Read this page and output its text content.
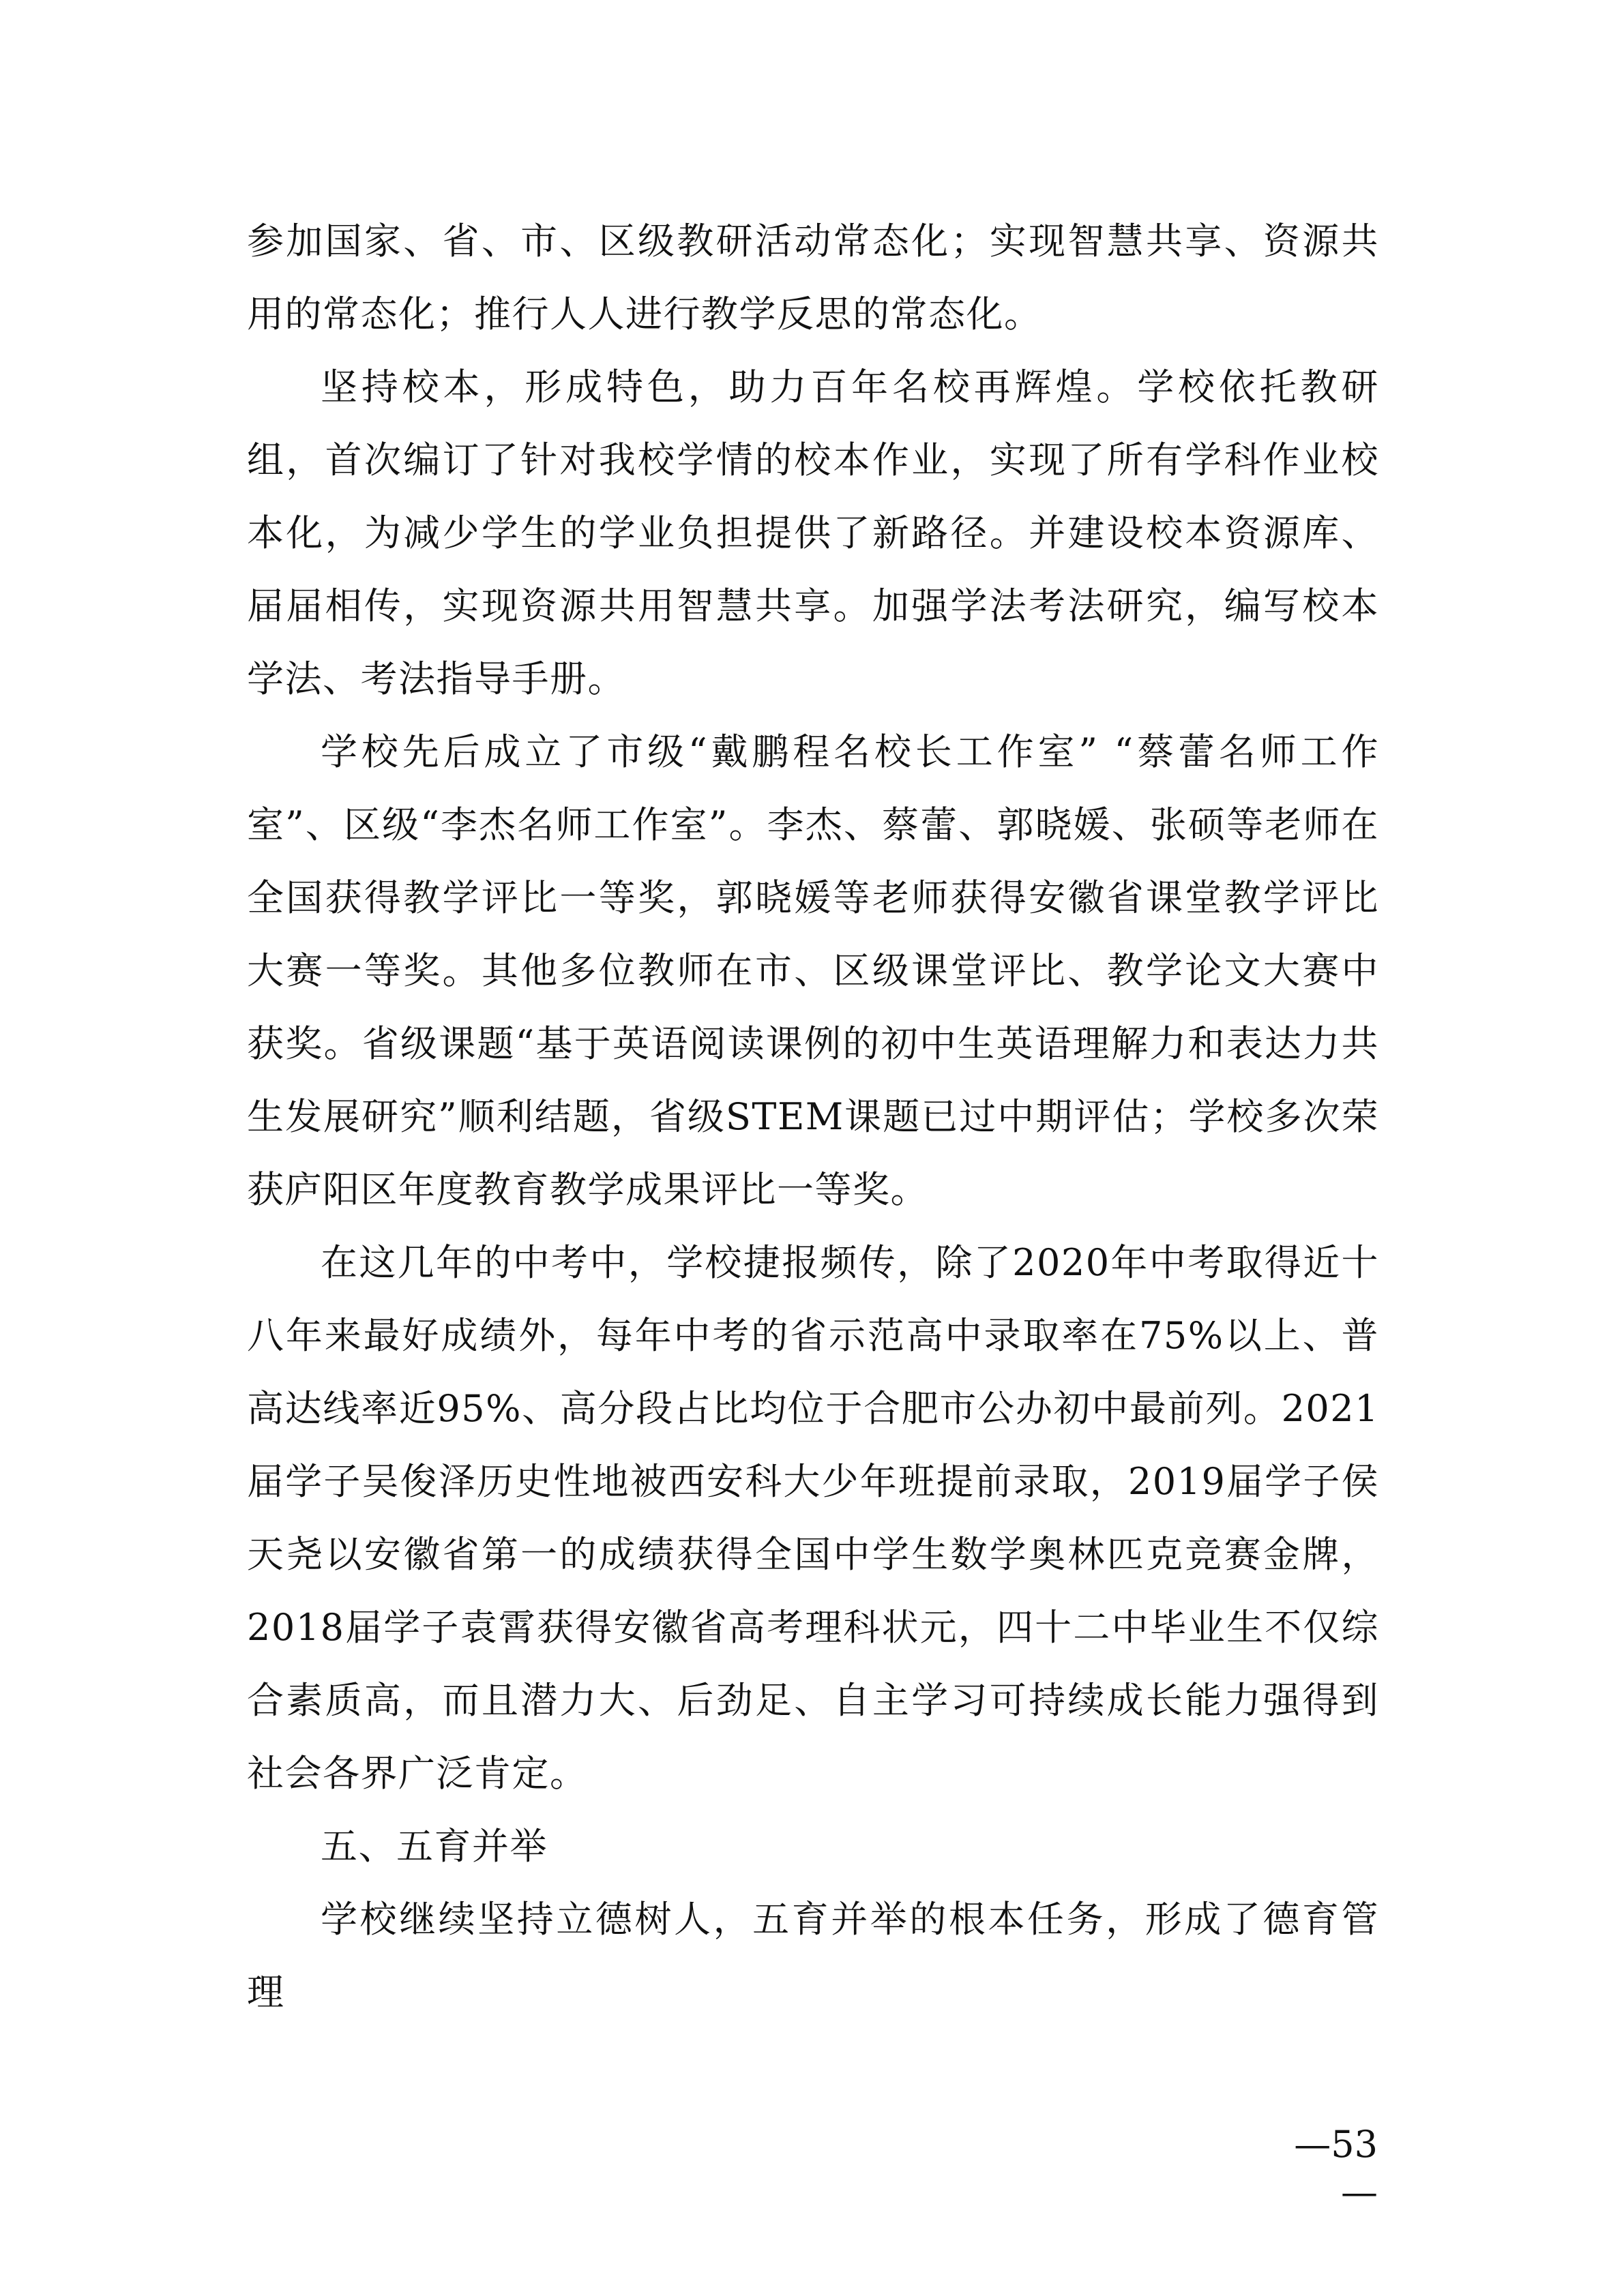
参加国家、省、市、区级教研活动常态化；实现智慧共享、资源共用的常态化；推行人人进行教学反思的常态化。

坚持校本，形成特色，助力百年名校再辉煌。学校依托教研组，首次编订了针对我校学情的校本作业，实现了所有学科作业校本化，为减少学生的学业负担提供了新路径。并建设校本资源库、届届相传，实现资源共用智慧共享。加强学法考法研究，编写校本学法、考法指导手册。

学校先后成立了市级“戴鹏程名校长工作室” “蔡蕾名师工作室”、区级“李杰名师工作室”。李杰、蔡蕾、郭晓媛、张硕等老师在全国获得教学评比一等奖，郭晓媛等老师获得安徽省课堂教学评比大赛一等奖。其他多位教师在市、区级课堂评比、教学论文大赛中获奖。省级课题“基于英语阅读课例的初中生英语理解力和表达力共生发展研究”顺利结题，省级STEM课题已过中期评估；学校多次荣获庐阳区年度教育教学成果评比一等奖。

在这几年的中考中，学校捷报频传，除了2020年中考取得近十八年来最好成绩外，每年中考的省示范高中录取率在75%以上、普高达线率近95%、高分段占比均位于合肥市公办初中最前列。2021届学子吴俊泽历史性地被西安科大少年班提前录取，2019届学子侯天尧以安徽省第一的成绩获得全国中学生数学奥林匹克竞赛金牌，2018届学子袁霄获得安徽省高考理科状元，四十二中毕业生不仅综合素质高，而且潜力大、后劲足、自主学习可持续成长能力强得到社会各界广泛肯定。

五、五育并举

学校继续坚持立德树人，五育并举的根本任务，形成了德育管理

—53—
